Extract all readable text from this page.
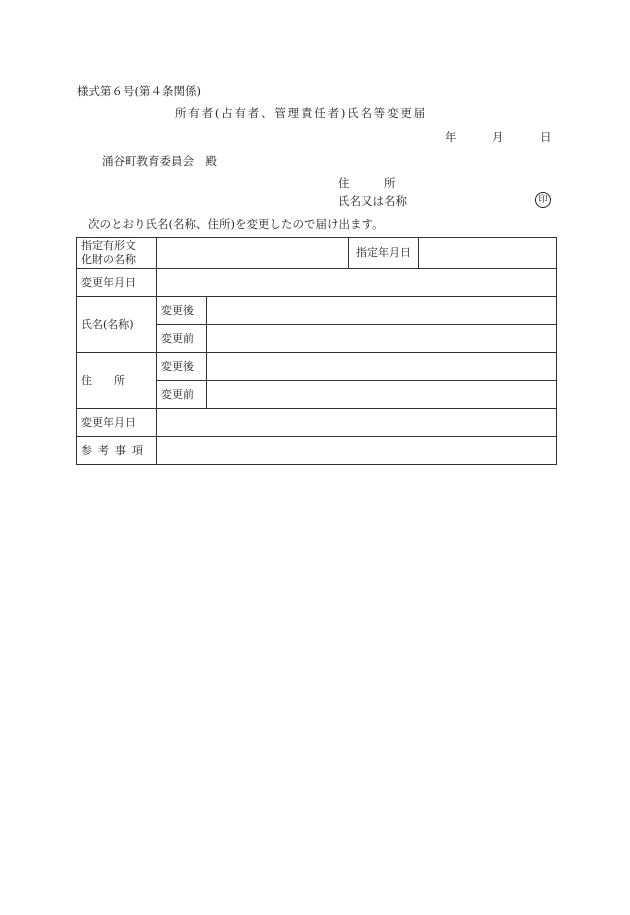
様式第６号(第４条関係)
所有者(占有者、管理責任者)氏名等変更届
年	月	日
涌谷町教育委員会　殿
住　　　所
氏名又は名称	印
次のとおり氏名(名称、住所)を変更したので届け出ます。
指定有形文
化財の名称			指定年月日	
変更年月日				
氏名(名称)	変更後			
	変更前			
住　　所	変更後			
	変更前			
変更年月日				
参考事項				
